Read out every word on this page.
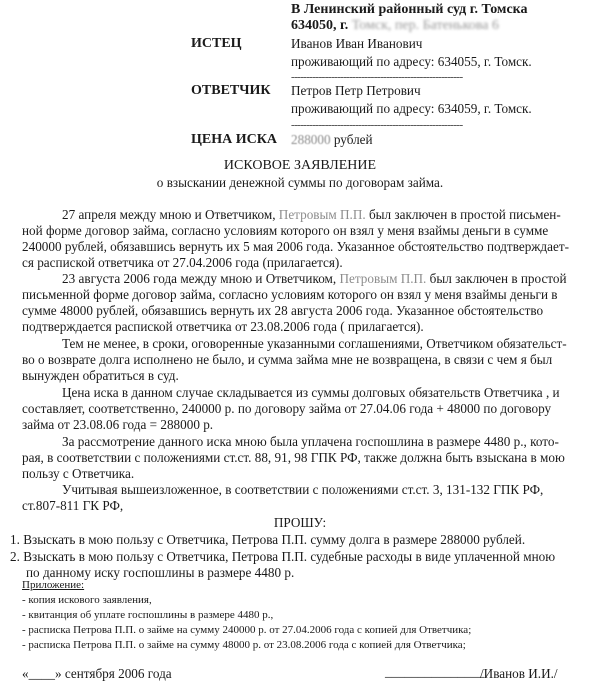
В Ленинский районный суд г. Томска
634050, г. Томск, пер. Батенькова 6
ИСТЕЦ	Иванов Иван Иванович
проживающий по адресу: 634055, г. Томск.
--------------------------------------------------------
ОТВЕТЧИК Петров Петр Петрович
проживающий по адресу: 634059, г. Томск.
--------------------------------------------------------
ЦЕНА ИСКА 288000 рублей
ИСКОВОЕ ЗАЯВЛЕНИЕ
о взыскании денежной суммы по договорам займа.
27 апреля между мною и Ответчиком, Петровым П.П. был заключен в простой письмен-
ной форме договор займа, согласно условиям которого он взял у меня взаймы деньги в сумме
240000 рублей, обязавшись вернуть их 5 мая 2006 года. Указанное обстоятельство подтверждает-
ся распиской ответчика от 27.04.2006 года (прилагается).
23 августа 2006 года между мною и Ответчиком, Петровым П.П. был заключен в простой
письменной форме договор займа, согласно условиям которого он взял у меня взаймы деньги в
сумме 48000 рублей, обязавшись вернуть их 28 августа 2006 года. Указанное обстоятельство
подтверждается распиской ответчика от 23.08.2006 года ( прилагается).
Тем не менее, в сроки, оговоренные указанными соглашениями, Ответчиком обязательст-
во о возврате долга исполнено не было, и сумма займа мне не возвращена, в связи с чем я был
вынужден обратиться в суд.
Цена иска в данном случае складывается из суммы долговых обязательств Ответчика , и
составляет, соответственно, 240000 р. по договору займа от 27.04.06 года + 48000 по договору
займа от 23.08.06 года = 288000 р.
За рассмотрение данного иска мною была уплачена госпошлина в размере 4480 р., кото-
рая, в соответствии с положениями ст.ст. 88, 91, 98 ГПК РФ, также должна быть взыскана в мою
пользу с Ответчика.
Учитывая вышеизложенное, в соответствии с положениями ст.ст. 3, 131-132 ГПК РФ,
ст.807-811 ГК РФ,
ПРОШУ:
1. Взыскать в мою пользу с Ответчика, Петрова П.П. сумму долга в размере 288000 рублей.
2. Взыскать в мою пользу с Ответчика, Петрова П.П. судебные расходы в виде уплаченной мною
по данному иску госпошлины в размере 4480 р.
Приложение:
- копия искового заявления,
- квитанция об уплате госпошлины в размере 4480 р.,
- расписка Петрова П.П. о займе на сумму 240000 р. от 27.04.2006 года с копией для Ответчика;
- расписка Петрова П.П. о займе на сумму 48000 р. от 23.08.2006 года с копией для Ответчика;
«____» сентября 2006 года	_______________
/Иванов И.И./
